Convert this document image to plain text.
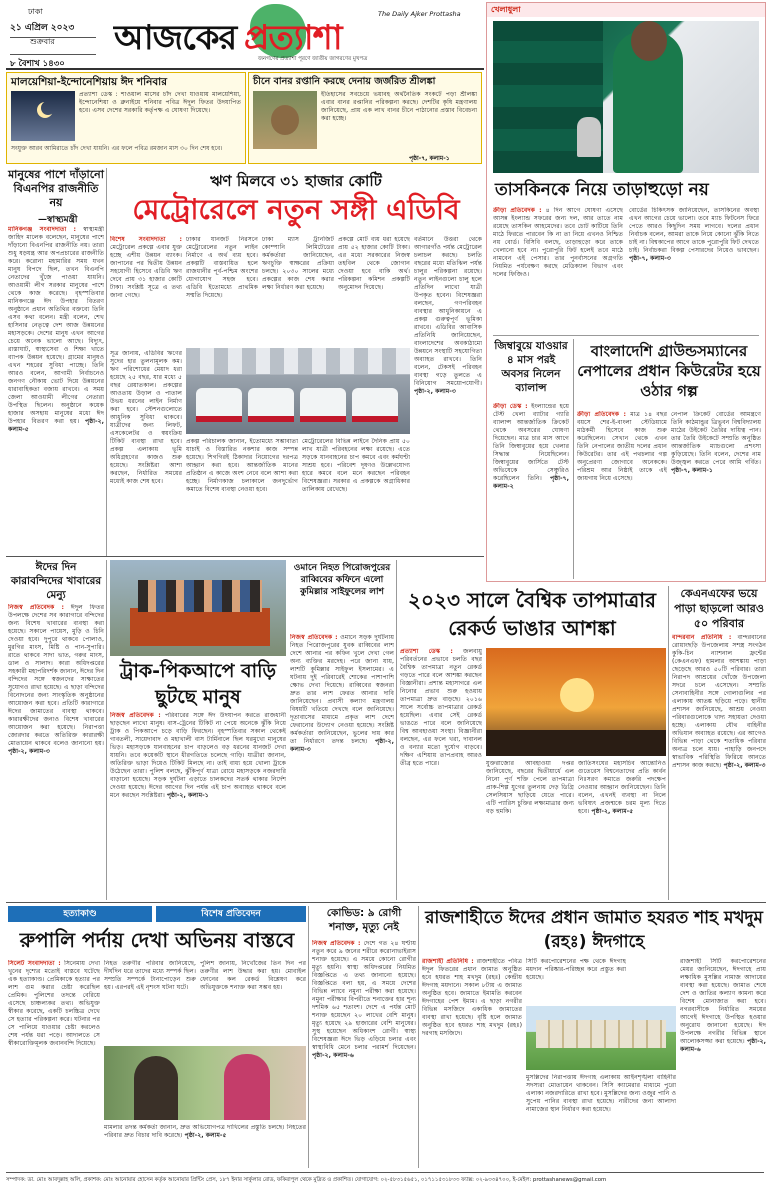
ঢাকা
২১ এপ্রিল ২০২৩
শুক্রবার
৮ বৈশাখ ১৪৩০
আজকের প্রত্যাশা
The Daily Ajker Prottasha
জনগণের প্রত্যাশা পূরণে জাতীয় জাগরণের মুখপত্র
খেলাধুলা
তাসকিনকে নিয়ে তাড়াহুড়ো নয়
ক্রীড়া প্রতিবেদক : ৪ দিন আগে ঘোষণা এসেছে আসন্ন ইংল্যান্ড সফরের জন্য দল, আর তাতে নাম রয়েছে তাসকিন আহমেদের। তবে চোট কাটিয়ে তিনি মাঠে ফিরতে পারবেন কি না তা নিয়ে এখনও নিশ্চিত নয় বোর্ড। বিসিবি বলছে, তাড়াহুড়ো করে তাকে খেলানো হবে না। পুরোপুরি ফিট হলেই তবে মাঠে নামবেন এই পেসার। তার পুনর্বাসনের অগ্রগতি নিয়মিত পর্যবেক্ষণ করছে মেডিক্যাল বিভাগ এবং দলের ফিজিও।
বোর্ডের চিকিৎসক জানিয়েছেন, তাসকিনের অবস্থা এখন আগের চেয়ে ভালো। তবে ম্যাচ ফিটনেস ফিরে পেতে আরও কিছুদিন সময় লাগবে। দলের প্রধান নির্বাচক বলেন, আমরা তাকে নিয়ে কোনো ঝুঁকি নিতে চাই না। বিশ্বকাপের আগে তাকে পুরোপুরি ফিট দেখতে চাই। নির্বাচকরা বিকল্প পেসারদের নিয়েও ভাবছেন। পৃষ্ঠা-৭, কলাম-৩
জিম্বাবুয়ে যাওয়ার ৪ মাস পরই অবসর নিলেন ব্যালান্স
ক্রীড়া ডেস্ক : ইংল্যান্ডের হয়ে টেস্ট খেলা ব্যাটার গ্যারি ব্যালান্স আন্তর্জাতিক ক্রিকেট থেকে অবসরের ঘোষণা দিয়েছেন। মাত্র চার মাস আগে তিনি জিম্বাবুয়ের হয়ে খেলার সিদ্ধান্ত নিয়েছিলেন। জিম্বাবুয়ের জার্সিতে টেস্ট অভিষেকে সেঞ্চুরিও করেছিলেন তিনি। পৃষ্ঠা-৭, কলাম-২
বাংলাদেশি গ্রাউন্ডসম্যানের নেপালের প্রধান কিউরেটর হয়ে ওঠার গল্প
ক্রীড়া প্রতিবেদক : মাত্র ১৪ বছর বয়সে শের-ই-বাংলা স্টেডিয়ামে মাঠকর্মী হিসেবে কাজ শুরু করেছিলেন। সেখান থেকে এখন তিনি নেপালের জাতীয় দলের প্রধান কিউরেটর। তার এই পথচলার গল্প অনুপ্রেরণা জোগাবে অনেককে। পরিশ্রম আর নিষ্ঠাই তাকে এই জায়গায় নিয়ে এসেছে।
নেপাল ক্রিকেট বোর্ডের আমন্ত্রণে তিনি কাঠমান্ডুর ত্রিভুবন বিশ্ববিদ্যালয় মাঠের উইকেট তৈরির দায়িত্ব পান। তার তৈরি উইকেটে সম্প্রতি অনুষ্ঠিত আন্তর্জাতিক ম্যাচগুলো প্রশংসা কুড়িয়েছে। তিনি বলেন, দেশের নাম উজ্জ্বল করতে পেরে আমি গর্বিত। পৃষ্ঠা-৭, কলাম-১
মালয়েশিয়া-ইন্দোনেশিয়ায় ঈদ শনিবার
প্রত্যাশা ডেস্ক : শাওয়াল মাসের চাঁদ দেখা যাওয়ায় মালয়েশিয়া, ইন্দোনেশিয়া ও ব্রুনাইয়ে শনিবার পবিত্র ঈদুল ফিতর উদযাপিত হবে। এসব দেশের সরকারি কর্তৃপক্ষ এ ঘোষণা দিয়েছে।
সংযুক্ত আরব আমিরাতে চাঁদ দেখা যায়নি। এর ফলে পবিত্র রমজান মাস ৩০ দিন শেষ হবে।
চীনে বানর রপ্তানি করছে দেনায় জর্জরিত শ্রীলঙ্কা
ইতিহাসের সবচেয়ে ভয়াবহ অর্থনৈতিক সংকটে পড়া শ্রীলঙ্কা এবার বানর রপ্তানির পরিকল্পনা করছে। দেশটির কৃষি মন্ত্রণালয় জানিয়েছে, প্রায় এক লাখ বানর চীনে পাঠানোর প্রস্তাব বিবেচনা করা হচ্ছে।
পৃষ্ঠা-৭, কলাম-১
মানুষের পাশে দাঁড়ানো বিএনপির রাজনীতি নয়
—স্বাস্থ্যমন্ত্রী
মানিকগঞ্জ সংবাদদাতা : স্বাস্থ্যমন্ত্রী জাহিদ মালেক বলেছেন, মানুষের পাশে দাঁড়ানো বিএনপির রাজনীতি নয়। তারা শুধু ষড়যন্ত্র আর অপপ্রচারের রাজনীতি করে। করোনা মহামারির সময় যখন মানুষ বিপদে ছিল, তখন বিএনপি নেতাদের খুঁজে পাওয়া যায়নি। আওয়ামী লীগ সরকার মানুষের পাশে থেকে কাজ করেছে। বৃহস্পতিবার মানিকগঞ্জে ঈদ উপহার বিতরণ অনুষ্ঠানে প্রধান অতিথির বক্তব্যে তিনি এসব কথা বলেন। মন্ত্রী বলেন, শেখ হাসিনার নেতৃত্বে দেশ আজ উন্নয়নের মহাসড়কে। দেশের মানুষ এখন আগের চেয়ে অনেক ভালো আছে। বিদ্যুৎ, রাস্তাঘাট, স্বাস্থ্যসেবা ও শিক্ষা খাতে ব্যাপক উন্নয়ন হয়েছে। গ্রামের মানুষও এখন শহরের সুবিধা পাচ্ছে। তিনি আরও বলেন, আগামী নির্বাচনেও জনগণ নৌকায় ভোট দিয়ে উন্নয়নের ধারাবাহিকতা বজায় রাখবে। এ সময় জেলা আওয়ামী লীগের নেতারা উপস্থিত ছিলেন। অনুষ্ঠানে কয়েক হাজার অসহায় মানুষের মধ্যে ঈদ উপহার বিতরণ করা হয়। পৃষ্ঠা-২, কলাম-৫
ঋণ মিলবে ৩১ হাজার কোটি
মেট্রোরেলে নতুন সঙ্গী এডিবি
বিশেষ সংবাদদাতা : মেট্রোরেল প্রকল্পে এবার যুক্ত হচ্ছে এশীয় উন্নয়ন ব্যাংক। জাপানের পর দ্বিতীয় উন্নয়ন সহযোগী হিসেবে এডিবি ঋণ দেবে প্রায় ৩১ হাজার কোটি টাকা। সংশ্লিষ্ট সূত্রে এ তথ্য জানা গেছে।
ঢাকার যানজট নিরসনে মেট্রোরেলের নতুন লাইন নির্মাণে এ অর্থ ব্যয় হবে। প্রকল্পটি বাস্তবায়িত হলে রাজধানীর পূর্ব-পশ্চিম অংশের যোগাযোগ সহজ হবে। এডিবি ইতোমধ্যে প্রাথমিক সম্মতি দিয়েছে।
ঢাকা ম্যাস ট্রানজিট কোম্পানি লিমিটেডের কর্মকর্তারা জানিয়েছেন, ঋণচুক্তি স্বাক্ষরের প্রক্রিয়া চলছে। ২০৩০ সালের মধ্যে প্রকল্পের কাজ শেষ করার লক্ষ্য নির্ধারণ করা হয়েছে।
প্রকল্পে মোট ব্যয় ধরা হয়েছে প্রায় ৫২ হাজার কোটি টাকা। এর মধ্যে সরকারের নিজস্ব তহবিল থেকে জোগান দেওয়া হবে বাকি অর্থ। পরিকল্পনা কমিশন প্রকল্পটি অনুমোদন দিয়েছে।
বর্তমানে উত্তরা থেকে আগারগাঁও পর্যন্ত মেট্রোরেল চলাচল করছে। চলতি বছরের মধ্যে মতিঝিল পর্যন্ত চালুর পরিকল্পনা রয়েছে। নতুন লাইনগুলো চালু হলে প্রতিদিন লাখো যাত্রী উপকৃত হবেন। বিশেষজ্ঞরা বলছেন, গণপরিবহন ব্যবস্থার আধুনিকায়নে এ প্রকল্প গুরুত্বপূর্ণ ভূমিকা রাখবে। এডিবির আবাসিক প্রতিনিধি জানিয়েছেন, বাংলাদেশের অবকাঠামো উন্নয়নে সংস্থাটি সহযোগিতা অব্যাহত রাখবে। তিনি বলেন, টেকসই পরিবহন ব্যবস্থা গড়ে তুলতে এ বিনিয়োগ সময়োপযোগী। পৃষ্ঠা-২, কলাম-৩
সূত্র জানায়, এডিবির ঋণের সুদের হার তুলনামূলক কম। ঋণ পরিশোধের মেয়াদ ধরা হয়েছে ২৫ বছর, যার মধ্যে ৫ বছর রেয়াতকাল। প্রকল্পের আওতায় উড়াল ও পাতাল উভয় ধরনের লাইন নির্মাণ করা হবে। স্টেশনগুলোতে আধুনিক সুবিধা থাকবে। যাত্রীদের জন্য লিফট, এসকেলেটর ও স্বয়ংক্রিয় টিকিট ব্যবস্থা রাখা হবে। প্রকল্প এলাকায় ভূমি অধিগ্রহণের কাজও শুরু হয়েছে। সংশ্লিষ্টরা আশা করছেন, নির্ধারিত সময়ের মধ্যেই কাজ শেষ হবে।
প্রকল্প পরিচালক জানান, ইতোমধ্যে সম্ভাব্যতা যাচাই ও বিস্তারিত নকশার কাজ সম্পন্ন হয়েছে। শিগগিরই ঠিকাদার নিয়োগের দরপত্র আহ্বান করা হবে। আন্তর্জাতিক মানের প্রতিষ্ঠান এ কাজে অংশ নেবে বলে আশা করা হচ্ছে। নির্মাণকাজ চলাকালে জনদুর্ভোগ কমাতে বিশেষ ব্যবস্থা নেওয়া হবে।
মেট্রোরেলের বিভিন্ন লাইনে দৈনিক প্রায় ৫০ লাখ যাত্রী পরিবহনের লক্ষ্য রয়েছে। এতে সড়কে যানবাহনের চাপ কমবে এবং কর্মঘণ্টা সাশ্রয় হবে। পরিবেশ দূষণও উল্লেখযোগ্য হারে কমবে বলে মনে করছেন পরিবহন বিশেষজ্ঞরা। সরকার এ প্রকল্পকে অগ্রাধিকার তালিকায় রেখেছে।
ঈদের দিন কারাবন্দিদের খাবারের মেন্যু
নিজস্ব প্রতিবেদক : ঈদুল ফিতর উপলক্ষে দেশের সব কারাগারে বন্দিদের জন্য বিশেষ খাবারের ব্যবস্থা করা হয়েছে। সকালে পায়েস, মুড়ি ও চিনি দেওয়া হবে। দুপুরে থাকবে পোলাও, মুরগির মাংস, মিষ্টি ও পান-সুপারি। রাতে থাকবে সাদা ভাত, গরুর মাংস, ডাল ও সালাদ। কারা অধিদপ্তরের সহকারী মহাপরিদর্শক জানান, ঈদের দিন বন্দিদের সঙ্গে স্বজনদের সাক্ষাতের সুযোগও রাখা হয়েছে। এ ছাড়া বন্দিদের বিনোদনের জন্য সাংস্কৃতিক অনুষ্ঠানের আয়োজন করা হবে। প্রতিটি কারাগারে ঈদের জামাতের ব্যবস্থা থাকবে। কারারক্ষীদের জন্যও বিশেষ খাবারের আয়োজন করা হয়েছে। নিরাপত্তা জোরদার করতে অতিরিক্ত কারারক্ষী মোতায়েন থাকবে বলেও জানানো হয়। পৃষ্ঠা-২, কলাম-৩
ওমানে নিহত পিরোজপুরের রাব্বিবের কফিনে এলো কুমিল্লার সাইফুলের লাশ
ট্রাক-পিকআপে বাড়ি ছুটছে মানুষ
নিজস্ব প্রতিবেদক : পরিবারের সঙ্গে ঈদ উদযাপন করতে রাজধানী ছাড়ছেন লাখো মানুষ। বাস-ট্রেনের টিকিট না পেয়ে অনেকে ঝুঁকি নিয়ে ট্রাক ও পিকআপে চড়ে বাড়ি ফিরছেন। বৃহস্পতিবার সকাল থেকেই গাবতলী, সায়েদাবাদ ও মহাখালী বাস টার্মিনালে ছিল ঘরমুখো মানুষের ভিড়। মহাসড়কে যানবাহনের চাপ বাড়লেও বড় ধরনের যানজট দেখা যায়নি। তবে কয়েকটি স্থানে ধীরগতিতে চলেছে গাড়ি। যাত্রীরা জানান, অতিরিক্ত ভাড়া দিয়েও টিকিট মিলছে না। তাই বাধ্য হয়ে খোলা ট্রাকে উঠেছেন তারা। পুলিশ বলছে, ঝুঁকিপূর্ণ যাত্রা রোধে মহাসড়কে নজরদারি বাড়ানো হয়েছে। সড়ক দুর্ঘটনা এড়াতে চালকদের সতর্ক থাকার নির্দেশ দেওয়া হয়েছে। ঈদের আগের দিন পর্যন্ত এই চাপ অব্যাহত থাকবে বলে মনে করছেন সংশ্লিষ্টরা। পৃষ্ঠা-২, কলাম-১
নিজস্ব প্রতিবেদক : ওমানে সড়ক দুর্ঘটনায় নিহত পিরোজপুরের যুবক রাব্বিবের লাশ দেশে আনার পর কফিন খুলে দেখা গেল অন্য ব্যক্তির মরদেহ। পরে জানা যায়, লাশটি কুমিল্লার সাইফুল ইসলামের। এ ঘটনায় দুই পরিবারেই শোকের পাশাপাশি ক্ষোভ দেখা দিয়েছে। রাব্বিবের স্বজনরা দ্রুত তার লাশ ফেরত আনার দাবি জানিয়েছেন। প্রবাসী কল্যাণ মন্ত্রণালয় বিষয়টি খতিয়ে দেখছে বলে জানিয়েছে। দূতাবাসের মাধ্যমে প্রকৃত লাশ দেশে ফেরানোর উদ্যোগ নেওয়া হয়েছে। সংশ্লিষ্ট কর্মকর্তারা জানিয়েছেন, ভুলের দায় কার তা নির্ধারণে তদন্ত চলছে। পৃষ্ঠা-২, কলাম-৩
২০২৩ সালে বৈশ্বিক তাপমাত্রার রেকর্ড ভাঙার আশঙ্কা
প্রত্যাশা ডেস্ক : জলবায়ু পরিবর্তনের প্রভাবে চলতি বছর বৈশ্বিক তাপমাত্রা নতুন রেকর্ড গড়তে পারে বলে আশঙ্কা করছেন বিজ্ঞানীরা। প্রশান্ত মহাসাগরে এল নিনোর প্রভাব শুরু হওয়ায় তাপমাত্রা দ্রুত বাড়ছে। ২০১৬ সালে সর্বোচ্চ তাপমাত্রার রেকর্ড হয়েছিল। এবার সেই রেকর্ড ভাঙতে পারে বলে জানিয়েছে বিশ্ব আবহাওয়া সংস্থা। বিজ্ঞানীরা বলছেন, এর ফলে খরা, দাবানল ও বন্যার মতো দুর্যোগ বাড়বে। দক্ষিণ এশিয়ায় তাপপ্রবাহ আরও তীব্র হতে পারে।	যুক্তরাজ্যের আবহাওয়া দপ্তর জানিয়েছে, বছরের দ্বিতীয়ার্ধে এল নিনো পূর্ণ শক্তি পেলে তাপমাত্রা প্রাক-শিল্প যুগের তুলনায় দেড় ডিগ্রি সেলসিয়াস ছাড়িয়ে যেতে পারে। এটি প্যারিস চুক্তির লক্ষ্যমাত্রার জন্য বড় হুমকি।
জাতিসংঘের মহাসচিব আন্তোনিও গুতেরেস বিশ্বনেতাদের প্রতি কার্বন নিঃসরণ কমাতে জরুরি পদক্ষেপ নেওয়ার আহ্বান জানিয়েছেন। তিনি বলেন, এখনই ব্যবস্থা না নিলে ভবিষ্যৎ প্রজন্মকে চরম মূল্য দিতে হবে। পৃষ্ঠা-২, কলাম-৫
কেএনএফের ভয়ে পাড়া ছাড়লো আরও ৫০ পরিবার
বান্দরবান প্রতিনিধি : বান্দরবানের রোয়াংছড়ি উপজেলায় সশস্ত্র সংগঠন কুকি-চিন ন্যাশনাল ফ্রন্টের (কেএনএফ) হামলার আশঙ্কায় পাড়া ছেড়েছে আরও ৫০টি পরিবার। তারা নিরাপদ আশ্রয়ের খোঁজে উপজেলা সদরে চলে এসেছেন। সম্প্রতি সেনাবাহিনীর সঙ্গে গোলাগুলির পর এলাকায় আতঙ্ক ছড়িয়ে পড়ে। স্থানীয় প্রশাসন জানিয়েছে, আশ্রয় নেওয়া পরিবারগুলোকে খাদ্য সহায়তা দেওয়া হচ্ছে। এলাকায় যৌথ বাহিনীর অভিযান অব্যাহত রয়েছে। এর আগেও বিভিন্ন পাড়া থেকে শতাধিক পরিবার অন্যত্র চলে যায়। পাহাড়ি জনপদে স্বাভাবিক পরিস্থিতি ফিরিয়ে আনতে প্রশাসন কাজ করছে। পৃষ্ঠা-২, কলাম-৩
হত্যাকাণ্ড	বিশেষ প্রতিবেদন
রুপালি পর্দায় দেখা অভিনয় বাস্তবে
সিলেট সংবাদদাতা : সিনেমায় দেখা খুনের দৃশ্যের মতোই বাস্তবে ঘটেছে এক হত্যাকাণ্ড। প্রেমিকাকে হত্যার পর লাশ গুম করার চেষ্টা করেছিল প্রেমিক। পুলিশের তদন্তে বেরিয়ে এসেছে চাঞ্চল্যকর তথ্য। অভিযুক্ত স্বীকার করেছে, একটি চলচ্চিত্র দেখে সে হত্যার পরিকল্পনা করে। ঘটনার পর সে পালিয়ে যাওয়ার চেষ্টা করলেও শেষ পর্যন্ত ধরা পড়ে। আদালতে সে স্বীকারোক্তিমূলক জবানবন্দি দিয়েছে।
নিহত তরুণীর পরিবার জানিয়েছে, দীর্ঘদিন ধরে তাদের মধ্যে সম্পর্ক ছিল। সম্প্রতি সম্পর্কে টানাপোড়েন শুরু হয়। এরপরই এই নৃশংস ঘটনা ঘটে।
পুলিশ জানায়, নিখোঁজের তিন দিন পর তরুণীর লাশ উদ্ধার করা হয়। মোবাইল ফোনের কল রেকর্ড বিশ্লেষণ করে অভিযুক্তকে শনাক্ত করা সম্ভব হয়।
মামলার তদন্ত কর্মকর্তা জানান, দ্রুত অভিযোগপত্র দাখিলের প্রস্তুতি চলছে। নিহতের পরিবার দ্রুত বিচার দাবি করেছে। পৃষ্ঠা-২, কলাম-৫
কোভিড: ৯ রোগী শনাক্ত, মৃত্যু নেই
নিজস্ব প্রতিবেদক : দেশে গত ২৪ ঘণ্টায় নতুন করে ৯ জনের শরীরে করোনাভাইরাস শনাক্ত হয়েছে। এ সময়ে কোনো রোগীর মৃত্যু হয়নি। স্বাস্থ্য অধিদপ্তরের নিয়মিত বিজ্ঞপ্তিতে এ তথ্য জানানো হয়েছে। বিজ্ঞপ্তিতে বলা হয়, এ সময়ে দেশের বিভিন্ন ল্যাবে নমুনা পরীক্ষা করা হয়েছে। নমুনা পরীক্ষার বিপরীতে শনাক্তের হার শূন্য দশমিক ৬৫ শতাংশ। দেশে এ পর্যন্ত মোট শনাক্ত হয়েছেন ২০ লাখের বেশি মানুষ। মৃত্যু হয়েছে ২৯ হাজারের বেশি মানুষের। সুস্থ হয়েছেন অধিকাংশ রোগী। স্বাস্থ্য বিশেষজ্ঞরা ঈদে ভিড় এড়িয়ে চলার এবং স্বাস্থ্যবিধি মেনে চলার পরামর্শ দিয়েছেন। পৃষ্ঠা-২, কলাম-৬
রাজশাহীতে ঈদের প্রধান জামাত হযরত শাহ মখদুম (রহঃ) ঈদগাহে
রাজশাহী প্রতিনিধি : রাজশাহীতে পবিত্র ঈদুল ফিতরের প্রধান জামাত অনুষ্ঠিত হবে হযরত শাহ মখদুম (রহঃ) কেন্দ্রীয় ঈদগাহ ময়দানে। সকাল ৮টায় এ জামাত অনুষ্ঠিত হবে। জামাতে ইমামতি করবেন ঈদগাহের পেশ ইমাম। এ ছাড়া নগরীর বিভিন্ন মসজিদে একাধিক জামাতের ব্যবস্থা রাখা হয়েছে। বৃষ্টি হলে জামাত অনুষ্ঠিত হবে হযরত শাহ মখদুম (রহঃ) দরগাহ মসজিদে।
সিটি করপোরেশনের পক্ষ থেকে ঈদগাহ ময়দান পরিষ্কার-পরিচ্ছন্ন করে প্রস্তুত করা হয়েছে।
মুসল্লিদের নিরাপত্তায় ঈদগাহ এলাকায় আইনশৃঙ্খলা বাহিনীর সদস্যরা মোতায়েন থাকবেন। সিসি ক্যামেরার মাধ্যমে পুরো এলাকা নজরদারিতে রাখা হবে। মুসল্লিদের জন্য ওজুর পানি ও সুপেয় পানির ব্যবস্থা রাখা হয়েছে। নারীদের জন্য আলাদা নামাজের স্থান নির্ধারণ করা হয়েছে।
রাজশাহী সিটি করপোরেশনের মেয়র জানিয়েছেন, ঈদগাহে প্রায় লক্ষাধিক মুসল্লির নামাজ আদায়ের ব্যবস্থা করা হয়েছে। জামাত শেষে দেশ ও জাতির কল্যাণ কামনা করে বিশেষ মোনাজাত করা হবে। নগরবাসীকে নির্ধারিত সময়ের আগেই ঈদগাহে উপস্থিত হওয়ার অনুরোধ জানানো হয়েছে। ঈদ উপলক্ষে নগরীর বিভিন্ন স্থানে আলোকসজ্জা করা হয়েছে। পৃষ্ঠা-২, কলাম-৬
সম্পাদক: ডা. মোঃ আবদুল্লাহ অলি, প্রকাশক: মোঃ আনোয়ার হোসেন কর্তৃক আনোয়ার প্রিন্টিং প্রেস, ১৮৭ ইনার সার্কুলার রোড, ফকিরাপুল থেকে মুদ্রিত ও প্রকাশিত। যোগাযোগ: ০২-৫৮৩১৫৬৫১, ০১৭১১৫৩১৮৩৩ ফ্যাক্স: ০২-৯৩৩৪৭০০, ই-মেইল: prottashanews@gmail.com
